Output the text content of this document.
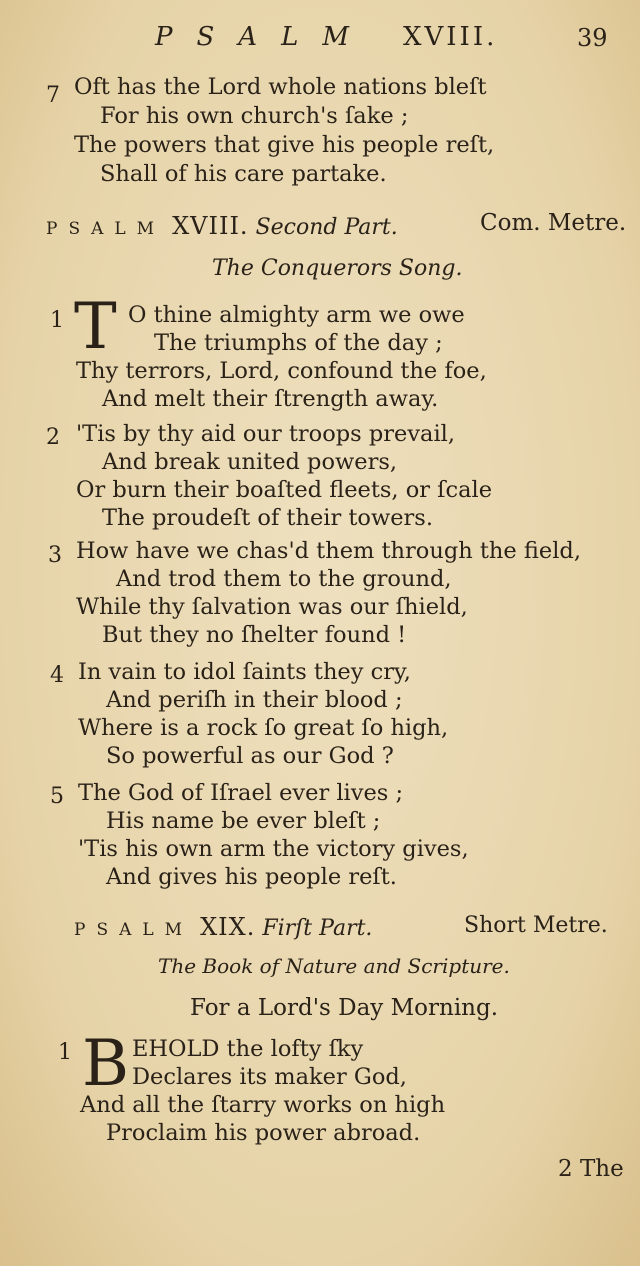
PSALM XVIII.	39
7 Oft has the Lord whole nations bleſt
For his own church's ſake ;
The powers that give his people reſt,
Shall of his care partake.
PSALM XVIII. Second Part.	Com. Metre.
The Conquerors Song.
1 T O thine almighty arm we owe
The triumphs of the day ;
Thy terrors, Lord, confound the foe,
And melt their ſtrength away.
2 'Tis by thy aid our troops prevail,
And break united powers,
Or burn their boaſted fleets, or ſcale
The proudeſt of their towers.
3 How have we chas'd them through the field,
And trod them to the ground,
While thy ſalvation was our ſhield,
But they no ſhelter found !
4 In vain to idol ſaints they cry,
And periſh in their blood ;
Where is a rock ſo great ſo high,
So powerful as our God ?
5 The God of Iſrael ever lives ;
His name be ever bleſt ;
'Tis his own arm the victory gives,
And gives his people reſt.
PSALM XIX. Firſt Part.	Short Metre.
The Book of Nature and Scripture.
For a Lord's Day Morning.
1 B EHOLD the lofty ſky
Declares its maker God,
And all the ſtarry works on high
Proclaim his power abroad.
2 The
